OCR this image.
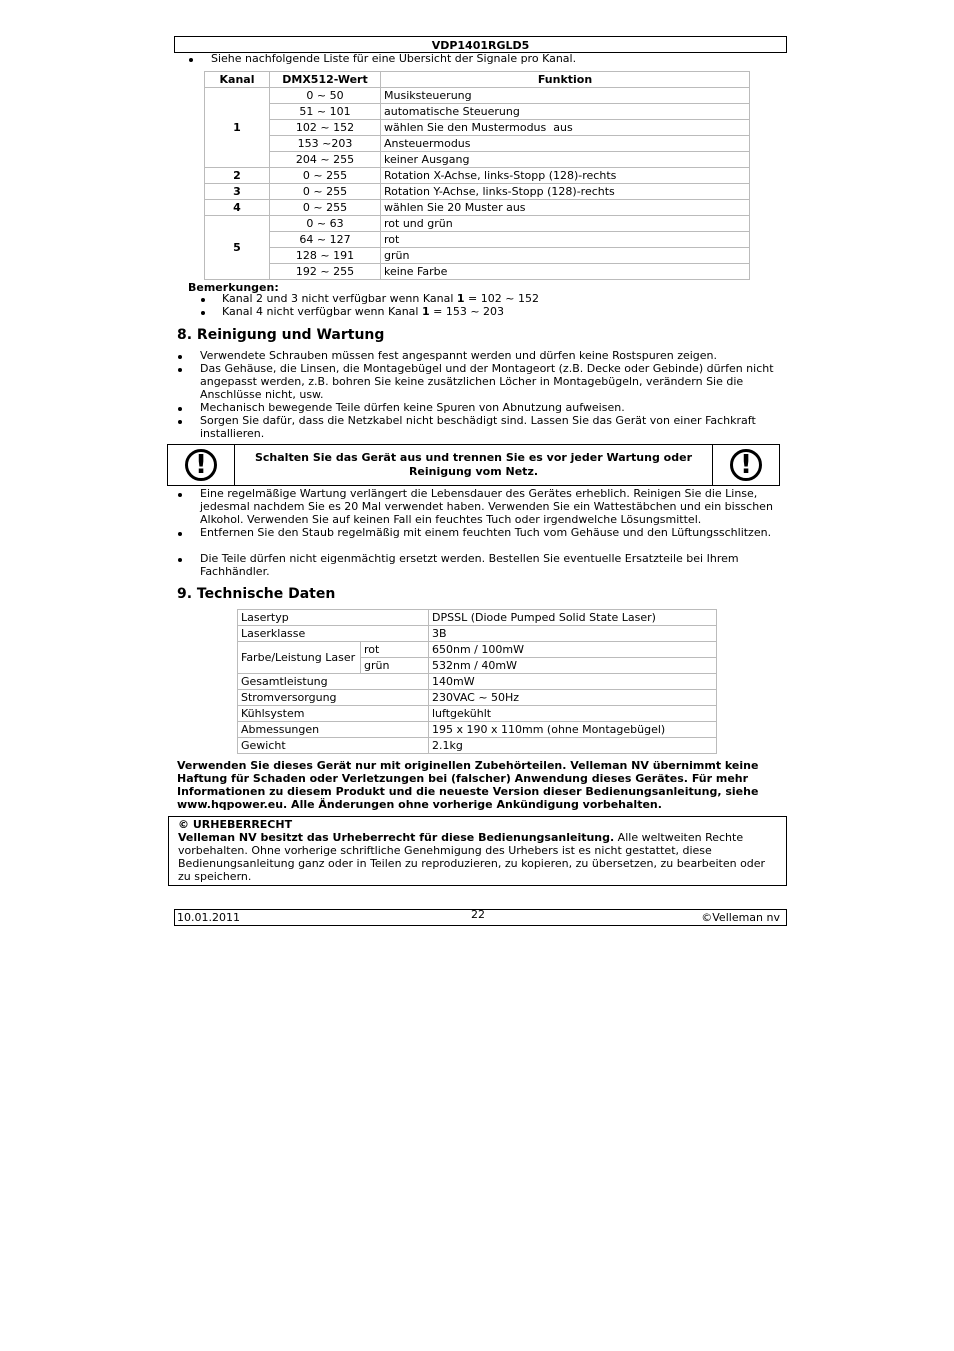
VDP1401RGLD5
Siehe nachfolgende Liste für eine Übersicht der Signale pro Kanal.
Kanal	DMX512-Wert	Funktion
1	0 ~ 50	Musiksteuerung
	51 ~ 101	automatische Steuerung
	102 ~ 152	wählen Sie den Mustermodus  aus
	153 ~203	Ansteuermodus
	204 ~ 255	keiner Ausgang
2	0 ~ 255	Rotation X-Achse, links-Stopp (128)-rechts
3	0 ~ 255	Rotation Y-Achse, links-Stopp (128)-rechts
4	0 ~ 255	wählen Sie 20 Muster aus
5	0 ~ 63	rot und grün
	64 ~ 127	rot
	128 ~ 191	grün
	192 ~ 255	keine Farbe
Bemerkungen:
Kanal 2 und 3 nicht verfügbar wenn Kanal 1 = 102 ~ 152
Kanal 4 nicht verfügbar wenn Kanal 1 = 153 ~ 203
8. Reinigung und Wartung
Verwendete Schrauben müssen fest angespannt werden und dürfen keine Rostspuren zeigen.
Das Gehäuse, die Linsen, die Montagebügel und der Montageort (z.B. Decke oder Gebinde) dürfen nicht angepasst werden, z.B. bohren Sie keine zusätzlichen Löcher in Montagebügeln, verändern Sie die Anschlüsse nicht, usw.
Mechanisch bewegende Teile dürfen keine Spuren von Abnutzung aufweisen.
Sorgen Sie dafür, dass die Netzkabel nicht beschädigt sind. Lassen Sie das Gerät von einer Fachkraft installieren.
!	Schalten Sie das Gerät aus und trennen Sie es vor jeder Wartung oder Reinigung vom Netz.	!
Eine regelmäßige Wartung verlängert die Lebensdauer des Gerätes erheblich. Reinigen Sie die Linse, jedesmal nachdem Sie es 20 Mal verwendet haben. Verwenden Sie ein Wattestäbchen und ein bisschen Alkohol. Verwenden Sie auf keinen Fall ein feuchtes Tuch oder irgendwelche Lösungsmittel.
Entfernen Sie den Staub regelmäßig mit einem feuchten Tuch vom Gehäuse und den Lüftungsschlitzen.
Die Teile dürfen nicht eigenmächtig ersetzt werden. Bestellen Sie eventuelle Ersatzteile bei Ihrem Fachhändler.
9. Technische Daten
Lasertyp		DPSSL (Diode Pumped Solid State Laser)
Laserklasse		3B
Farbe/Leistung Laser	rot	650nm / 100mW
	grün	532nm / 40mW
Gesamtleistung		140mW
Stromversorgung		230VAC ~ 50Hz
Kühlsystem		luftgekühlt
Abmessungen		195 x 190 x 110mm (ohne Montagebügel)
Gewicht		2.1kg
Verwenden Sie dieses Gerät nur mit originellen Zubehörteilen. Velleman NV übernimmt keine Haftung für Schaden oder Verletzungen bei (falscher) Anwendung dieses Gerätes. Für mehr Informationen zu diesem Produkt und die neueste Version dieser Bedienungsanleitung, siehe www.hqpower.eu. Alle Änderungen ohne vorherige Ankündigung vorbehalten.
© URHEBERRECHT
Velleman NV besitzt das Urheberrecht für diese Bedienungsanleitung. Alle weltweiten Rechte vorbehalten. Ohne vorherige schriftliche Genehmigung des Urhebers ist es nicht gestattet, diese Bedienungsanleitung ganz oder in Teilen zu reproduzieren, zu kopieren, zu übersetzen, zu bearbeiten oder zu speichern.
10.01.2011	22	©Velleman nv
